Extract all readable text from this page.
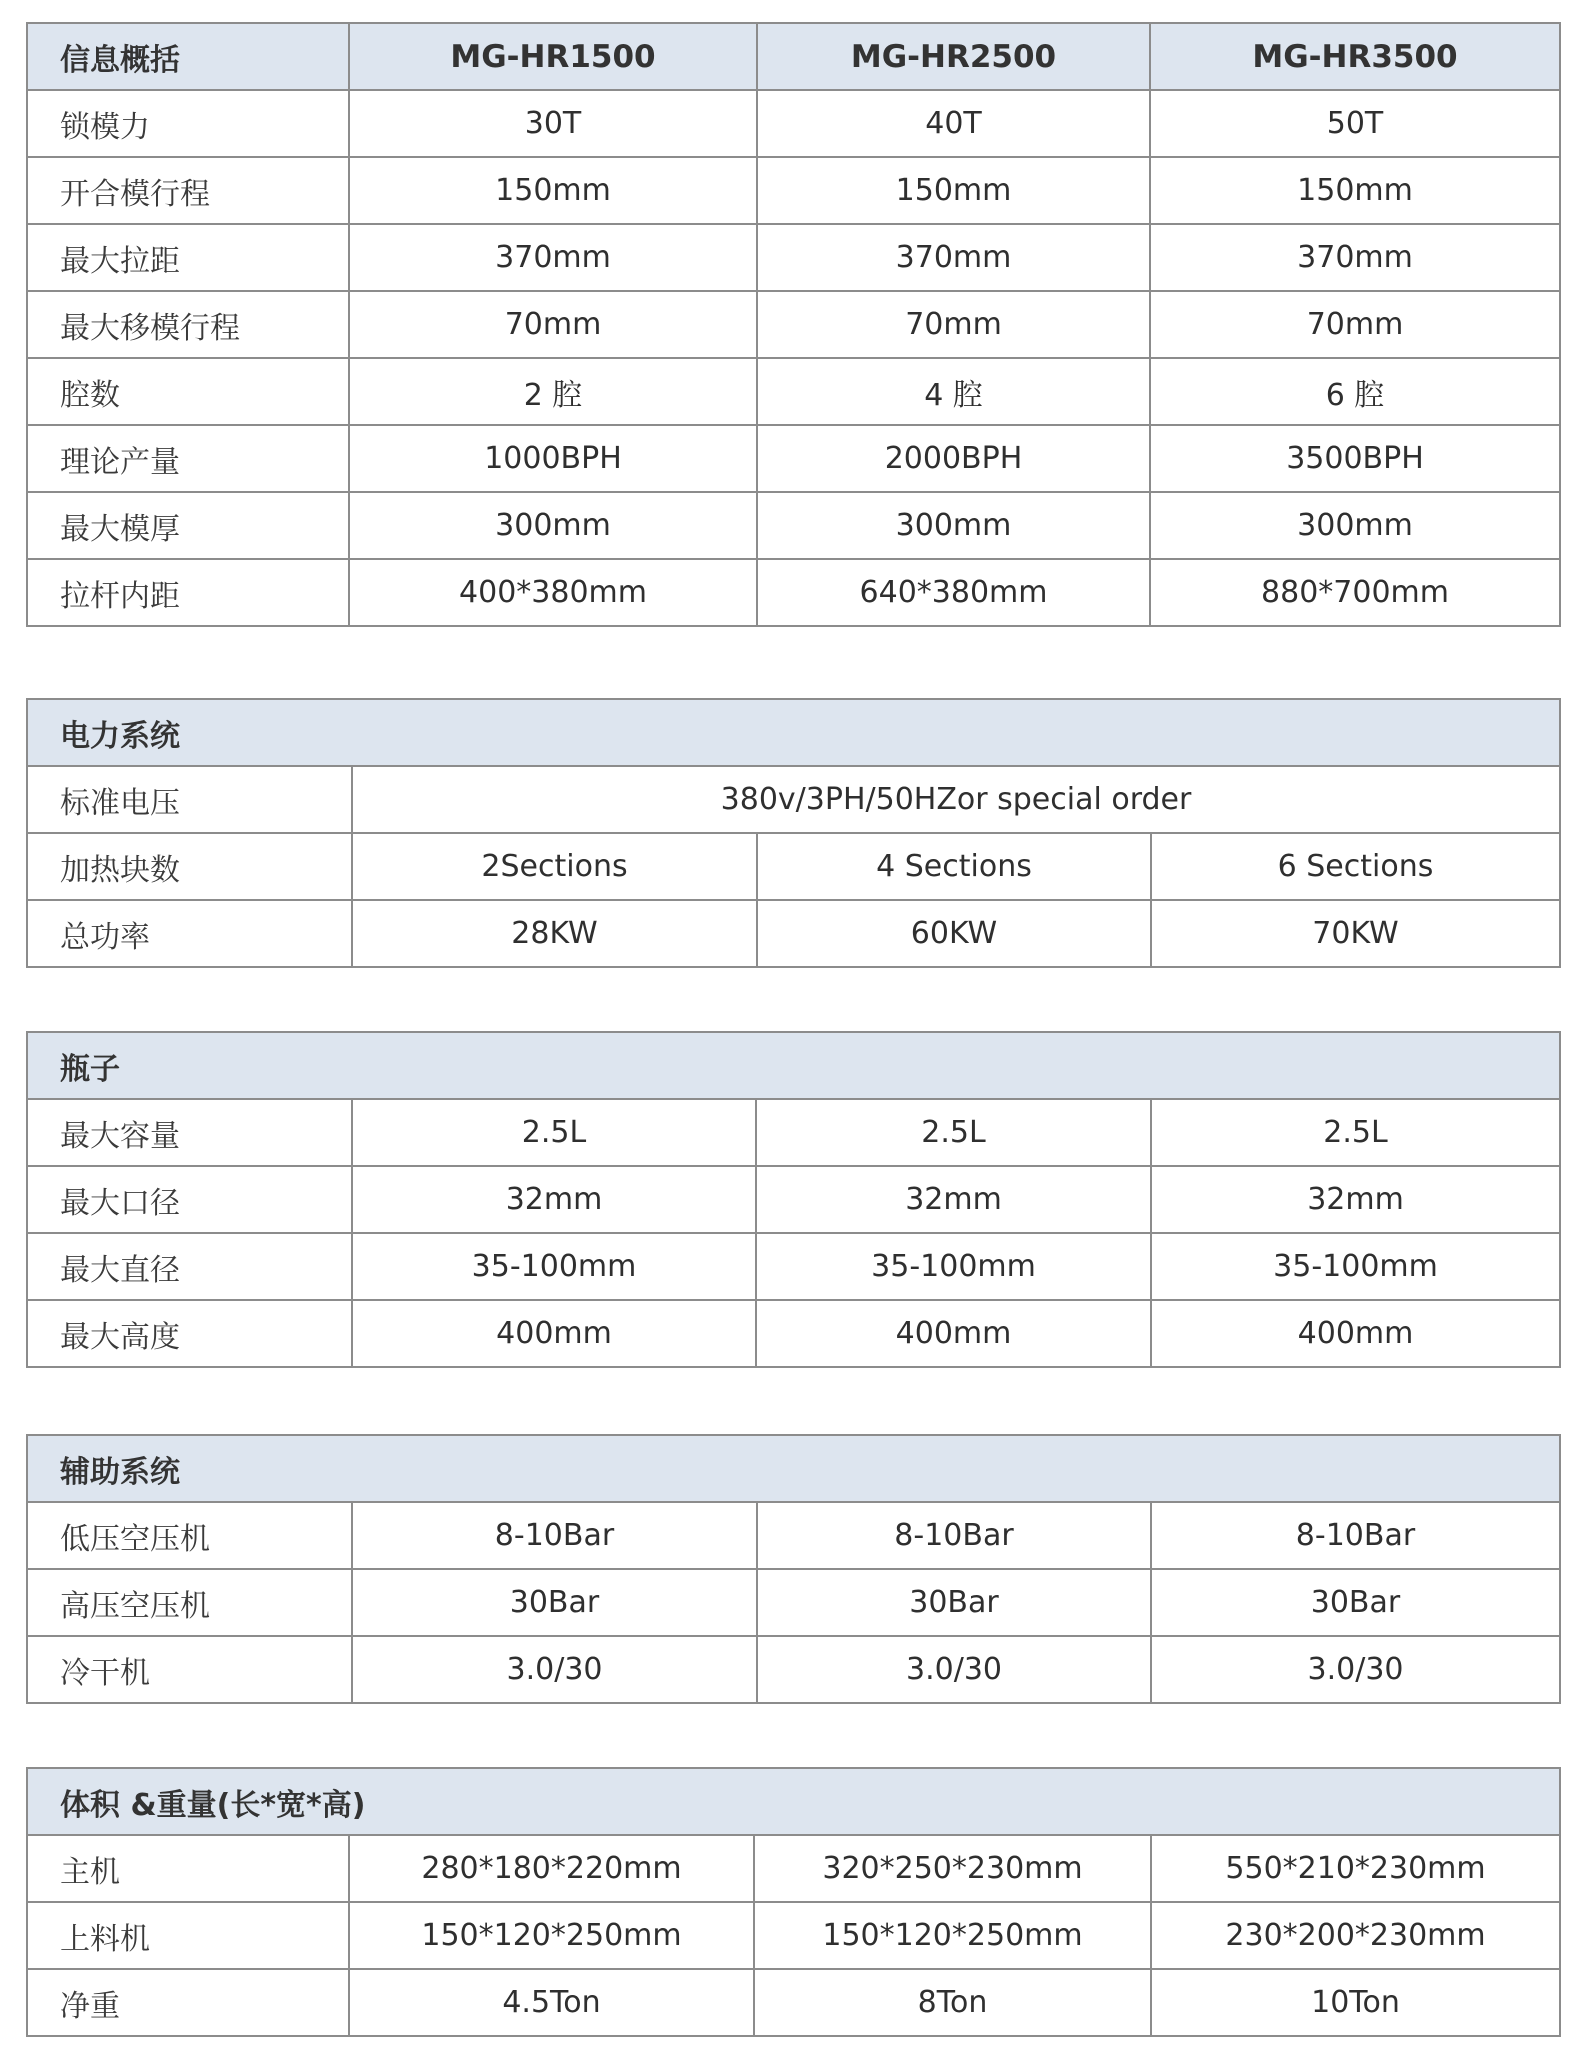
信息概括	MG-HR1500	MG-HR2500	MG-HR3500
锁模力	30T	40T	50T
开合模行程	150mm	150mm	150mm
最大拉距	370mm	370mm	370mm
最大移模行程	70mm	70mm	70mm
腔数	2 腔	4 腔	6 腔
理论产量	1000BPH	2000BPH	3500BPH
最大模厚	300mm	300mm	300mm
拉杆内距	400*380mm	640*380mm	880*700mm
电力系统			
标准电压	380v/3PH/50HZor special order		
加热块数	2Sections	4 Sections	6 Sections
总功率	28KW	60KW	70KW
瓶子			
最大容量	2.5L	2.5L	2.5L
最大口径	32mm	32mm	32mm
最大直径	35-100mm	35-100mm	35-100mm
最大高度	400mm	400mm	400mm
辅助系统			
低压空压机	8-10Bar	8-10Bar	8-10Bar
高压空压机	30Bar	30Bar	30Bar
冷干机	3.0/30	3.0/30	3.0/30
体积 &重量(长*宽*高)			
主机	280*180*220mm	320*250*230mm	550*210*230mm
上料机	150*120*250mm	150*120*250mm	230*200*230mm
净重	4.5Ton	8Ton	10Ton
